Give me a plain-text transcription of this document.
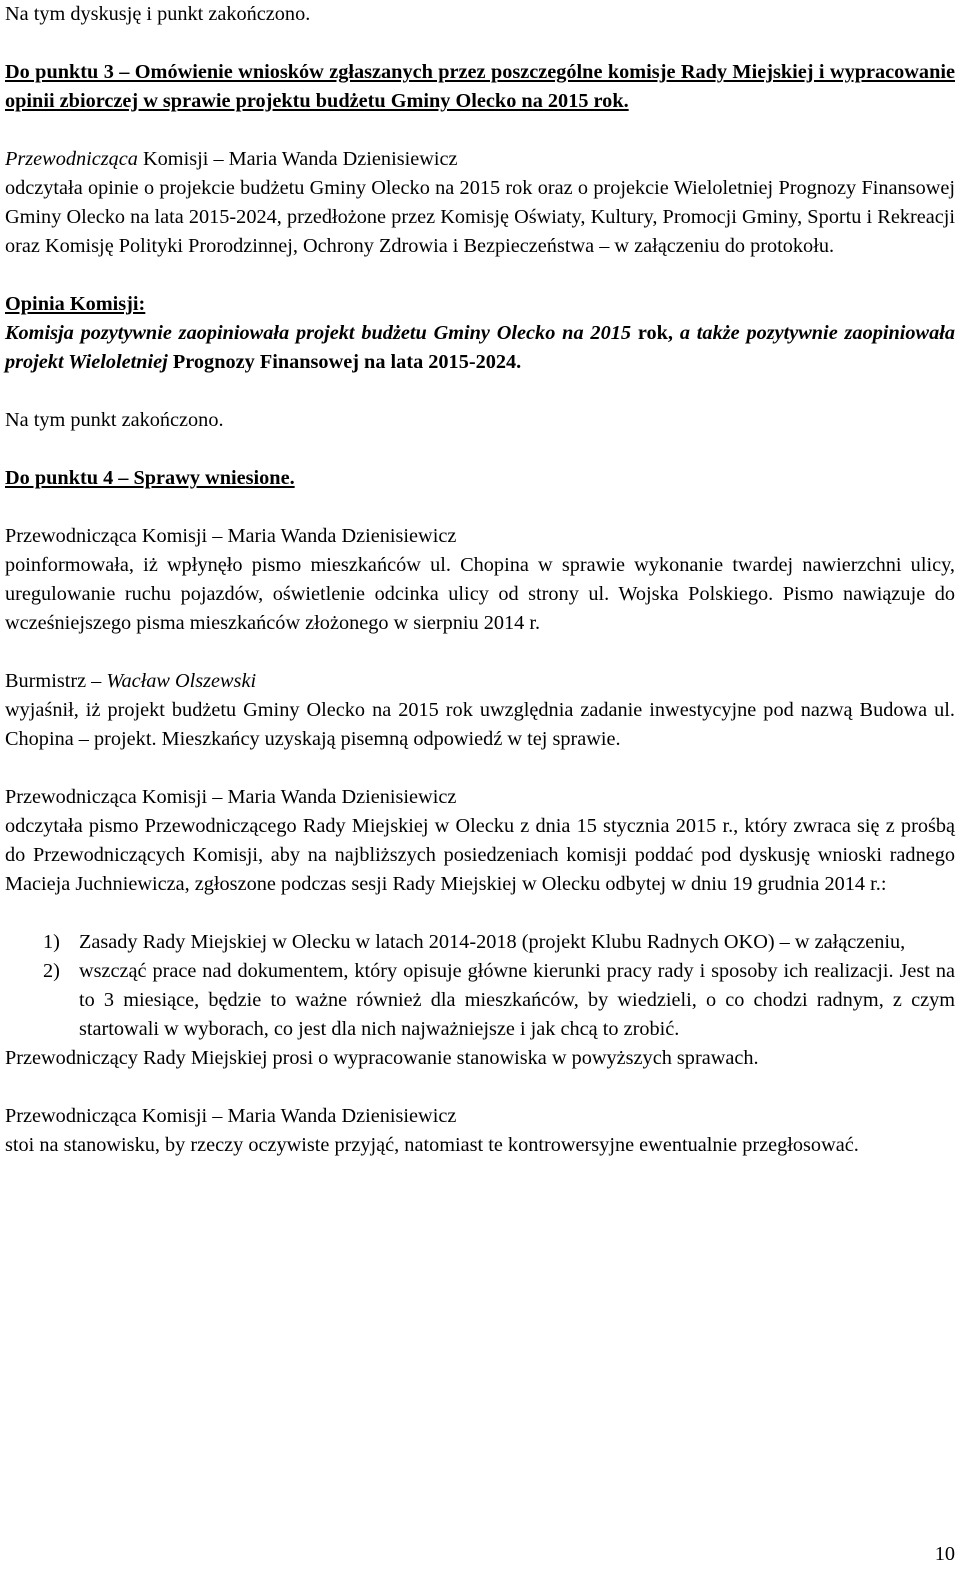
Na tym dyskusję i punkt zakończono.

Do punktu 3 – Omówienie wniosków zgłaszanych przez poszczególne komisje Rady Miejskiej i wypracowanie opinii zbiorczej w sprawie projektu budżetu Gminy Olecko na 2015 rok.

Przewodnicząca Komisji – Maria Wanda Dzienisiewicz

odczytała opinie o projekcie budżetu Gminy Olecko na 2015 rok oraz o projekcie Wieloletniej Prognozy Finansowej Gminy Olecko na lata 2015-2024, przedłożone przez Komisję Oświaty, Kultury, Promocji Gminy, Sportu i Rekreacji oraz Komisję Polityki Prorodzinnej, Ochrony Zdrowia i Bezpieczeństwa – w załączeniu do protokołu.

Opinia Komisji:

Komisja pozytywnie zaopiniowała projekt budżetu Gminy Olecko na 2015 rok, a także pozytywnie zaopiniowała projekt Wieloletniej Prognozy Finansowej na lata 2015-2024.

Na tym punkt zakończono.

Do punktu 4 – Sprawy wniesione.

Przewodnicząca Komisji – Maria Wanda Dzienisiewicz

poinformowała, iż wpłynęło pismo mieszkańców ul. Chopina w sprawie wykonanie twardej nawierzchni ulicy, uregulowanie ruchu pojazdów, oświetlenie odcinka ulicy od strony ul. Wojska Polskiego. Pismo nawiązuje do wcześniejszego pisma mieszkańców złożonego w sierpniu 2014 r.

Burmistrz – Wacław Olszewski

wyjaśnił, iż projekt budżetu Gminy Olecko na 2015 rok uwzględnia zadanie inwestycyjne pod nazwą Budowa ul. Chopina – projekt. Mieszkańcy uzyskają pisemną odpowiedź w tej sprawie.

Przewodnicząca Komisji – Maria Wanda Dzienisiewicz

odczytała pismo Przewodniczącego Rady Miejskiej w Olecku z dnia 15 stycznia 2015 r., który zwraca się z prośbą do Przewodniczących Komisji, aby na najbliższych posiedzeniach komisji poddać pod dyskusję wnioski radnego Macieja Juchniewicza, zgłoszone podczas sesji Rady Miejskiej w Olecku odbytej w dniu 19 grudnia 2014 r.:

1) Zasady Rady Miejskiej w Olecku w latach 2014-2018 (projekt Klubu Radnych OKO) – w załączeniu,
2) wszcząć prace nad dokumentem, który opisuje główne kierunki pracy rady i sposoby ich realizacji. Jest na to 3 miesiące, będzie to ważne również dla mieszkańców, by wiedzieli, o co chodzi radnym, z czym startowali w wyborach, co jest dla nich najważniejsze i jak chcą to zrobić.

Przewodniczący Rady Miejskiej prosi o wypracowanie stanowiska w powyższych sprawach.

Przewodnicząca Komisji – Maria Wanda Dzienisiewicz

stoi na stanowisku, by rzeczy oczywiste przyjąć, natomiast te kontrowersyjne ewentualnie przegłosować.

10
